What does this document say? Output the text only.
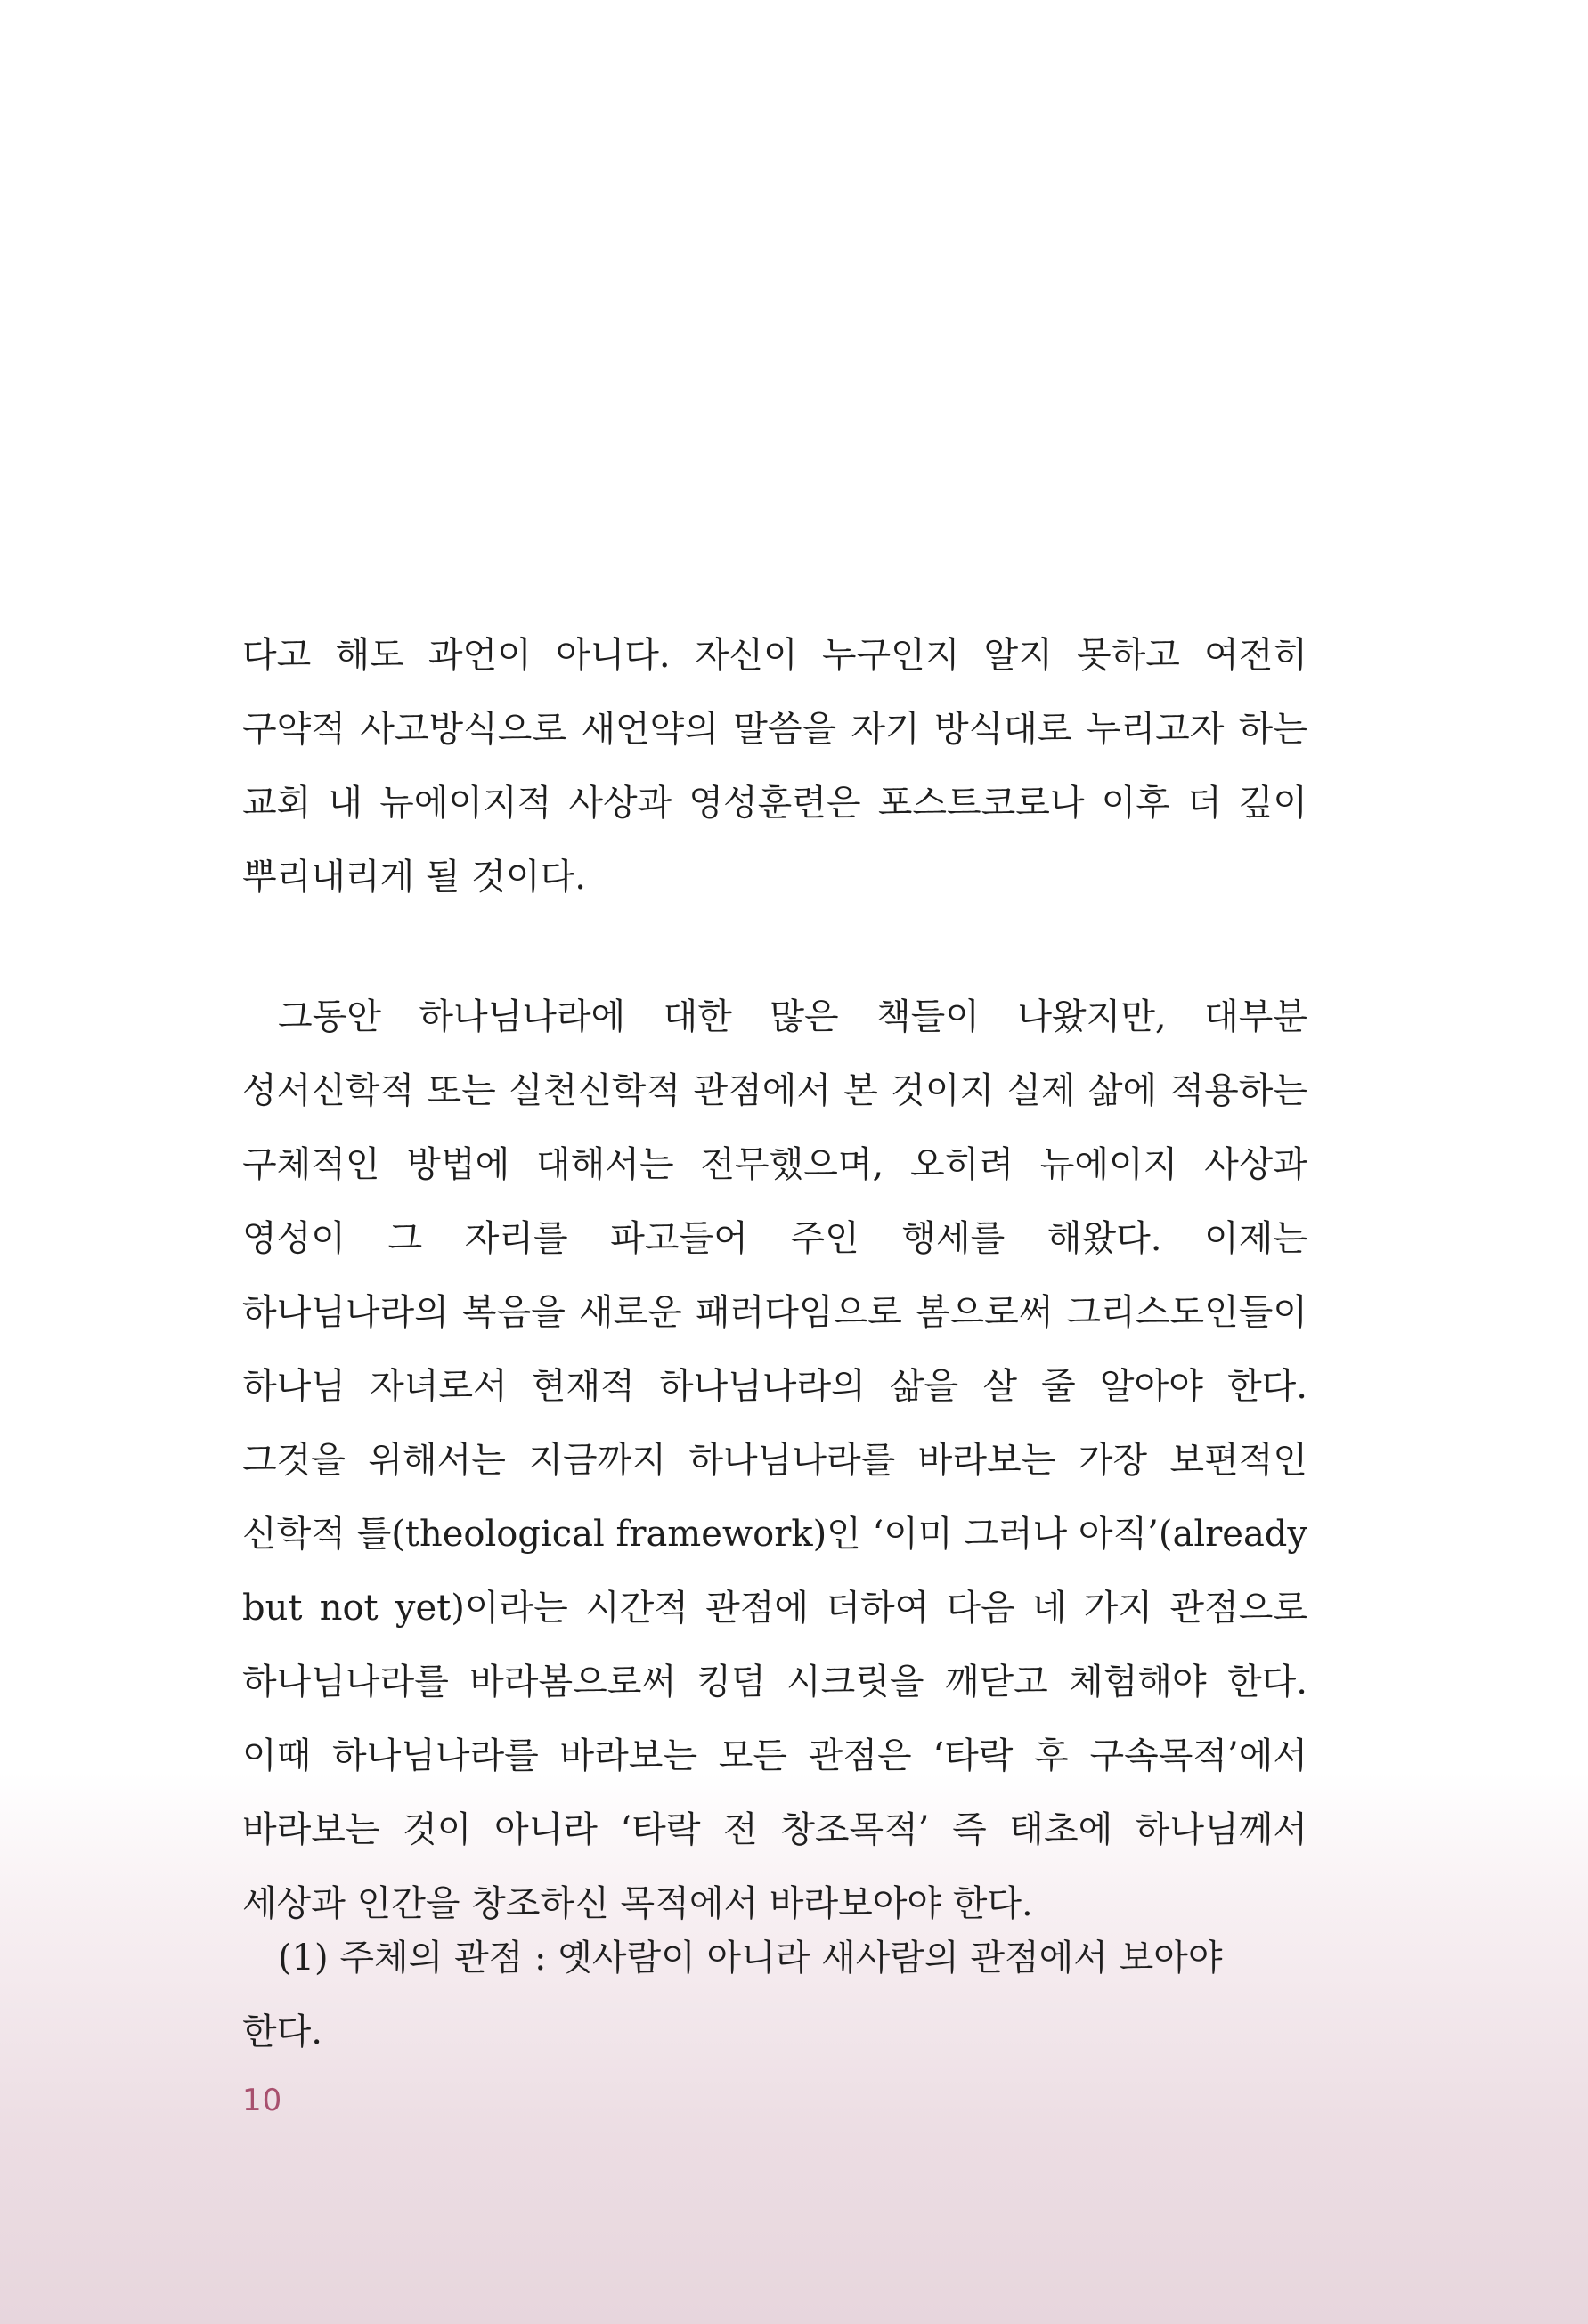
다고 해도 과언이 아니다. 자신이 누구인지 알지 못하고 여전히 구약적 사고방식으로 새언약의 말씀을 자기 방식대로 누리고자 하는 교회 내 뉴에이지적 사상과 영성훈련은 포스트코로나 이후 더 깊이 뿌리내리게 될 것이다.

그동안 하나님나라에 대한 많은 책들이 나왔지만, 대부분 성서신학적 또는 실천신학적 관점에서 본 것이지 실제 삶에 적용하는 구체적인 방법에 대해서는 전무했으며, 오히려 뉴에이지 사상과 영성이 그 자리를 파고들어 주인 행세를 해왔다. 이제는 하나님나라의 복음을 새로운 패러다임으로 봄으로써 그리스도인들이 하나님 자녀로서 현재적 하나님나라의 삶을 살 줄 알아야 한다. 그것을 위해서는 지금까지 하나님나라를 바라보는 가장 보편적인 신학적 틀(theological framework)인 ‘이미 그러나 아직’(already but not yet)이라는 시간적 관점에 더하여 다음 네 가지 관점으로 하나님나라를 바라봄으로써 킹덤 시크릿을 깨닫고 체험해야 한다. 이때 하나님나라를 바라보는 모든 관점은 ‘타락 후 구속목적’에서 바라보는 것이 아니라 ‘타락 전 창조목적’ 즉 태초에 하나님께서 세상과 인간을 창조하신 목적에서 바라보아야 한다.

(1) 주체의 관점 : 옛사람이 아니라 새사람의 관점에서 보아야 한다.

10
